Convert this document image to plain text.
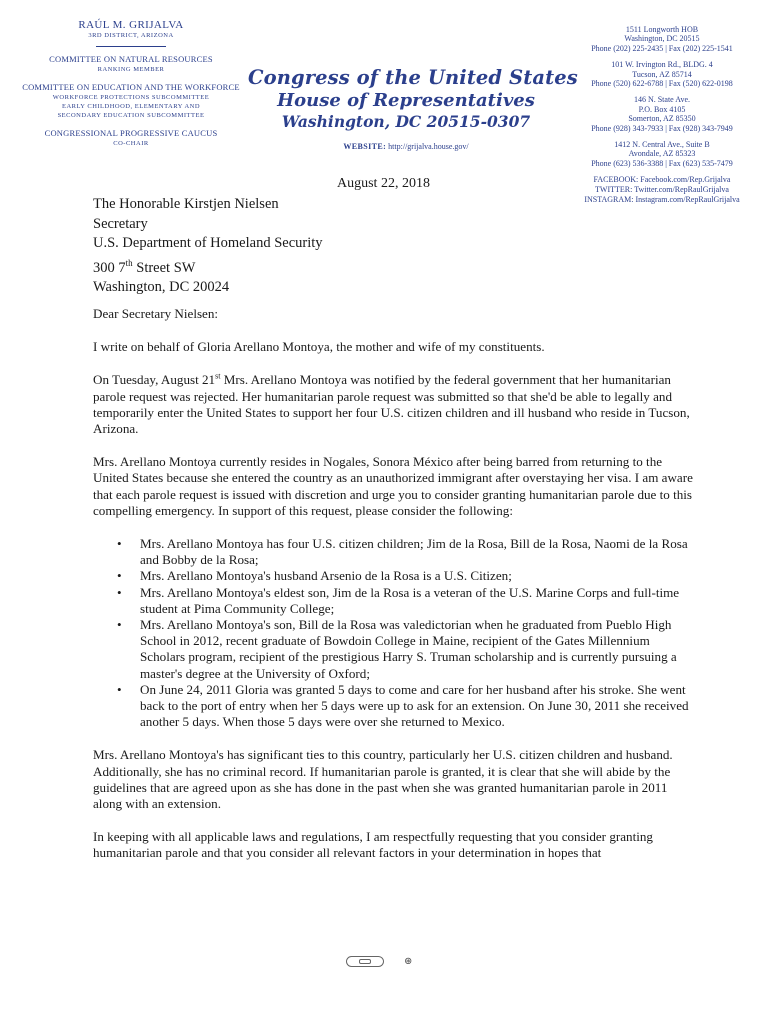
RAÚL M. GRIJALVA
3RD DISTRICT, ARIZONA
COMMITTEE ON NATURAL RESOURCES
RANKING MEMBER
COMMITTEE ON EDUCATION AND THE WORKFORCE
WORKFORCE PROTECTIONS SUBCOMMITTEE
EARLY CHILDHOOD, ELEMENTARY AND
SECONDARY EDUCATION SUBCOMMITTEE
CONGRESSIONAL PROGRESSIVE CAUCUS
CO-CHAIR
Congress of the United States
House of Representatives
Washington, DC 20515-0307
WEBSITE: http://grijalva.house.gov/
1511 Longworth HOB
Washington, DC 20515
Phone (202) 225-2435 | Fax (202) 225-1541
101 W. Irvington Rd., BLDG. 4
Tucson, AZ 85714
Phone (520) 622-6788 | Fax (520) 622-0198
146 N. State Ave.
P.O. Box 4105
Somerton, AZ 85350
Phone (928) 343-7933 | Fax (928) 343-7949
1412 N. Central Ave., Suite B
Avondale, AZ 85323
Phone (623) 536-3388 | Fax (623) 535-7479
FACEBOOK: Facebook.com/Rep.Grijalva
TWITTER: Twitter.com/RepRaulGrijalva
INSTAGRAM: Instagram.com/RepRaulGrijalva
August 22, 2018
The Honorable Kirstjen Nielsen
Secretary
U.S. Department of Homeland Security
300 7th Street SW
Washington, DC 20024

Dear Secretary Nielsen:

I write on behalf of Gloria Arellano Montoya, the mother and wife of my constituents.

On Tuesday, August 21st Mrs. Arellano Montoya was notified by the federal government that her humanitarian parole request was rejected. Her humanitarian parole request was submitted so that she'd be able to legally and temporarily enter the United States to support her four U.S. citizen children and ill husband who reside in Tucson, Arizona.

Mrs. Arellano Montoya currently resides in Nogales, Sonora México after being barred from returning to the United States because she entered the country as an unauthorized immigrant after overstaying her visa. I am aware that each parole request is issued with discretion and urge you to consider granting humanitarian parole due to this compelling emergency. In support of this request, please consider the following:

• Mrs. Arellano Montoya has four U.S. citizen children; Jim de la Rosa, Bill de la Rosa, Naomi de la Rosa and Bobby de la Rosa;
• Mrs. Arellano Montoya's husband Arsenio de la Rosa is a U.S. Citizen;
• Mrs. Arellano Montoya's eldest son, Jim de la Rosa is a veteran of the U.S. Marine Corps and full-time student at Pima Community College;
• Mrs. Arellano Montoya's son, Bill de la Rosa was valedictorian when he graduated from Pueblo High School in 2012, recent graduate of Bowdoin College in Maine, recipient of the Gates Millennium Scholars program, recipient of the prestigious Harry S. Truman scholarship and is currently pursuing a master's degree at the University of Oxford;
• On June 24, 2011 Gloria was granted 5 days to come and care for her husband after his stroke. She went back to the port of entry when her 5 days were up to ask for an extension. On June 30, 2011 she received another 5 days. When those 5 days were over she returned to Mexico.

Mrs. Arellano Montoya's has significant ties to this country, particularly her U.S. citizen children and husband. Additionally, she has no criminal record. If humanitarian parole is granted, it is clear that she will abide by the guidelines that are agreed upon as she has done in the past when she was granted humanitarian parole in 2011 along with an extension.

In keeping with all applicable laws and regulations, I am respectfully requesting that you consider granting humanitarian parole and that you consider all relevant factors in your determination in hopes that

⊛
